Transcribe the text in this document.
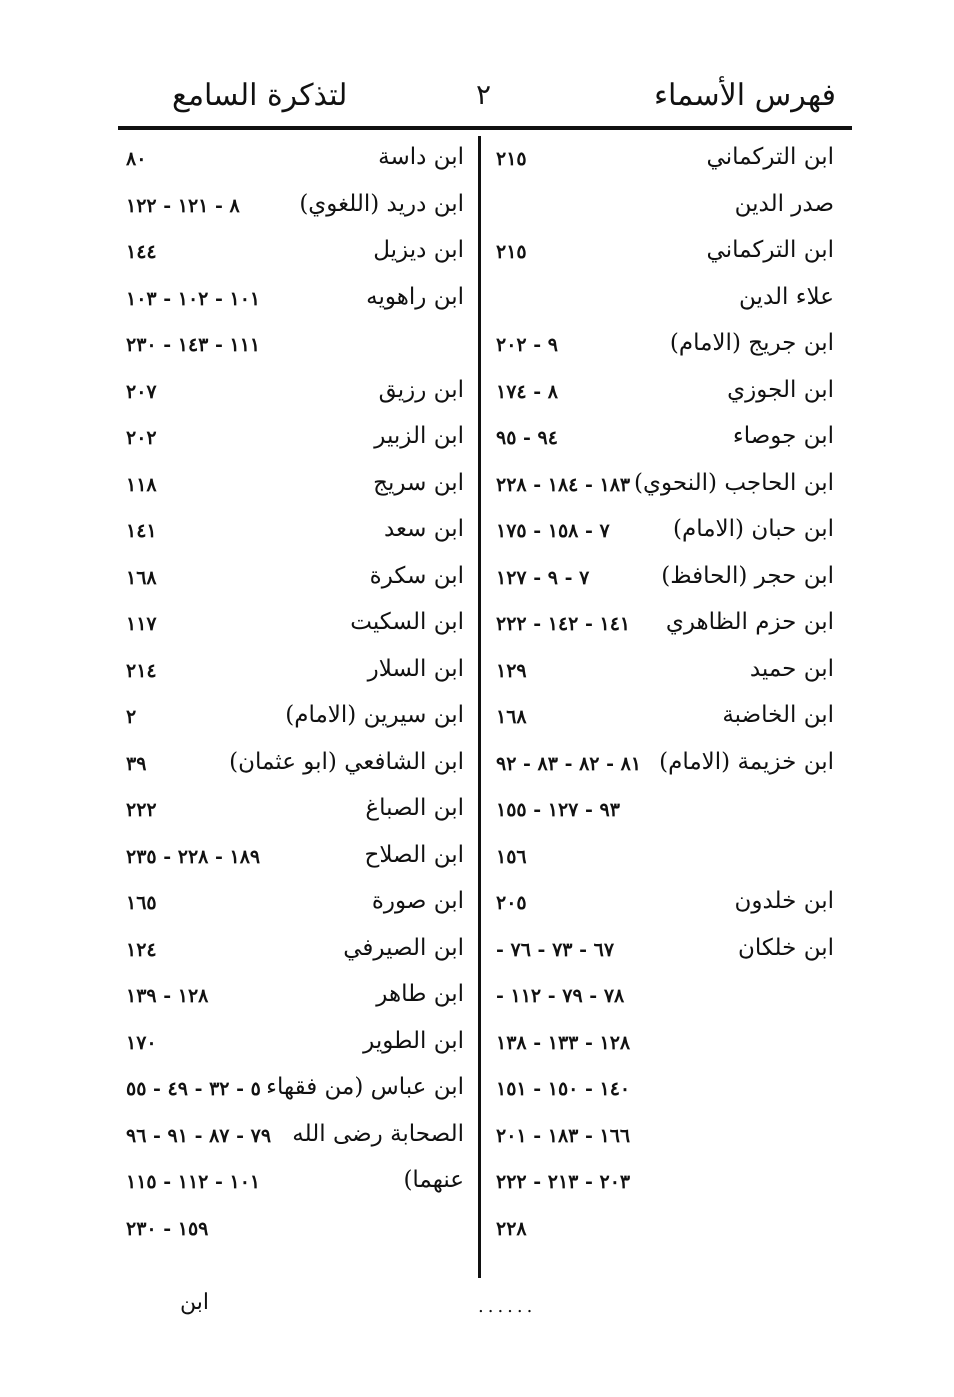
فهرس الأسماء
٢
لتذكرة السامع
ابن التركماني
٢١٥
صدر الدين
ابن التركماني
٢١٥
علاء الدين
ابن جريج (الامام)
٩ - ٢٠٢
ابن الجوزي
٨ - ١٧٤
ابن جوصاء
٩٤ - ٩٥
ابن الحاجب (النحوي)
١٨٣ - ١٨٤ - ٢٢٨
ابن حبان (الامام)
٧ - ١٥٨ - ١٧٥
ابن حجر (الحافظ)
٧ - ٩ - ١٢٧
ابن حزم الظاهري
١٤١ - ١٤٢ - ٢٢٢
ابن حميد
١٢٩
ابن الخاضبة
١٦٨
ابن خزيمة (الامام)
٨١ - ٨٢ - ٨٣ - ٩٢
٩٣ - ١٢٧ - ١٥٥
١٥٦
ابن خلدون
٢٠٥
ابن خلكان
٦٧ - ٧٣ - ٧٦ -
٧٨ - ٧٩ - ١١٢ -
١٢٨ - ١٣٣ - ١٣٨
١٤٠ - ١٥٠ - ١٥١
١٦٦ - ١٨٣ - ٢٠١
٢٠٣ - ٢١٣ - ٢٢٢
٢٢٨
ابن داسة
٨٠
ابن دريد (اللغوي)
٨ - ١٢١ - ١٢٢
ابن ديزيل
١٤٤
ابن راهويه
١٠١ - ١٠٢ - ١٠٣
١١١ - ١٤٣ - ٢٣٠
ابن رزيق
٢٠٧
ابن الزبير
٢٠٢
ابن سريج
١١٨
ابن سعد
١٤١
ابن سكرة
١٦٨
ابن السكيت
١١٧
ابن السلار
٢١٤
ابن سيرين (الامام)
٢
ابن الشافعي (ابو عثمان)
٣٩
ابن الصباغ
٢٢٢
ابن الصلاح
١٨٩ - ٢٢٨ - ٢٣٥
ابن صورة
١٦٥
ابن الصيرفي
١٢٤
ابن طاهر
١٢٨ - ١٣٩
ابن الطوير
١٧٠
ابن عباس (من فقهاء
٥ - ٣٢ - ٤٩ - ٥٥
الصحابة رضى الله
٧٩ - ٨٧ - ٩١ - ٩٦
عنهما)
١٠١ - ١١٢ - ١١٥
١٥٩ - ٢٣٠
......
ابن
